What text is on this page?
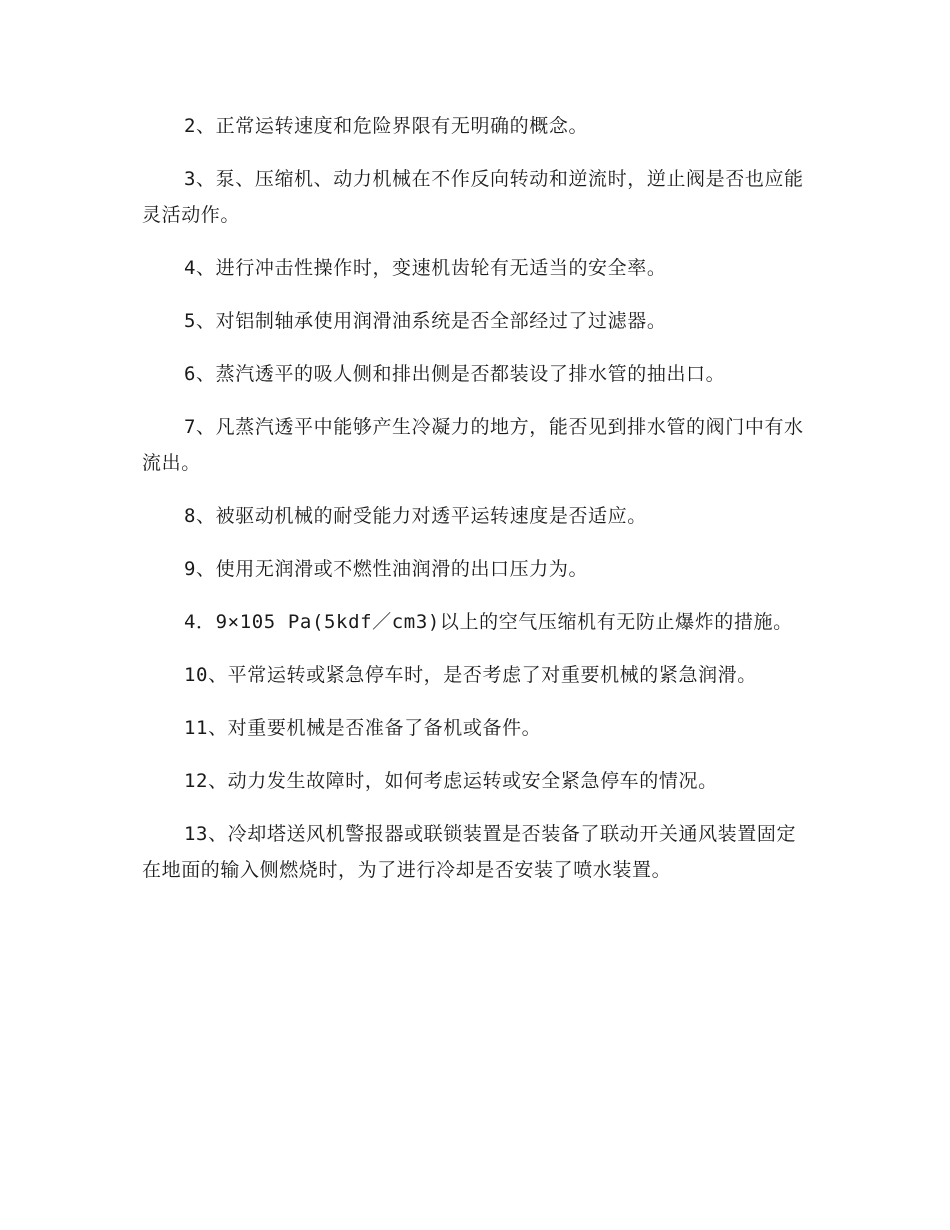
2、正常运转速度和危险界限有无明确的概念。

3、泵、压缩机、动力机械在不作反向转动和逆流时，逆止阀是否也应能灵活动作。

4、进行冲击性操作时，变速机齿轮有无适当的安全率。

5、对铝制轴承使用润滑油系统是否全部经过了过滤器。

6、蒸汽透平的吸人侧和排出侧是否都装设了排水管的抽出口。

7、凡蒸汽透平中能够产生冷凝力的地方，能否见到排水管的阀门中有水流出。

8、被驱动机械的耐受能力对透平运转速度是否适应。

9、使用无润滑或不燃性油润滑的出口压力为。

4．9×105 Pa(5kdf／cm3)以上的空气压缩机有无防止爆炸的措施。

10、平常运转或紧急停车时，是否考虑了对重要机械的紧急润滑。

11、对重要机械是否准备了备机或备件。

12、动力发生故障时，如何考虑运转或安全紧急停车的情况。

13、冷却塔送风机警报器或联锁装置是否装备了联动开关通风装置固定在地面的输入侧燃烧时，为了进行冷却是否安装了喷水装置。
